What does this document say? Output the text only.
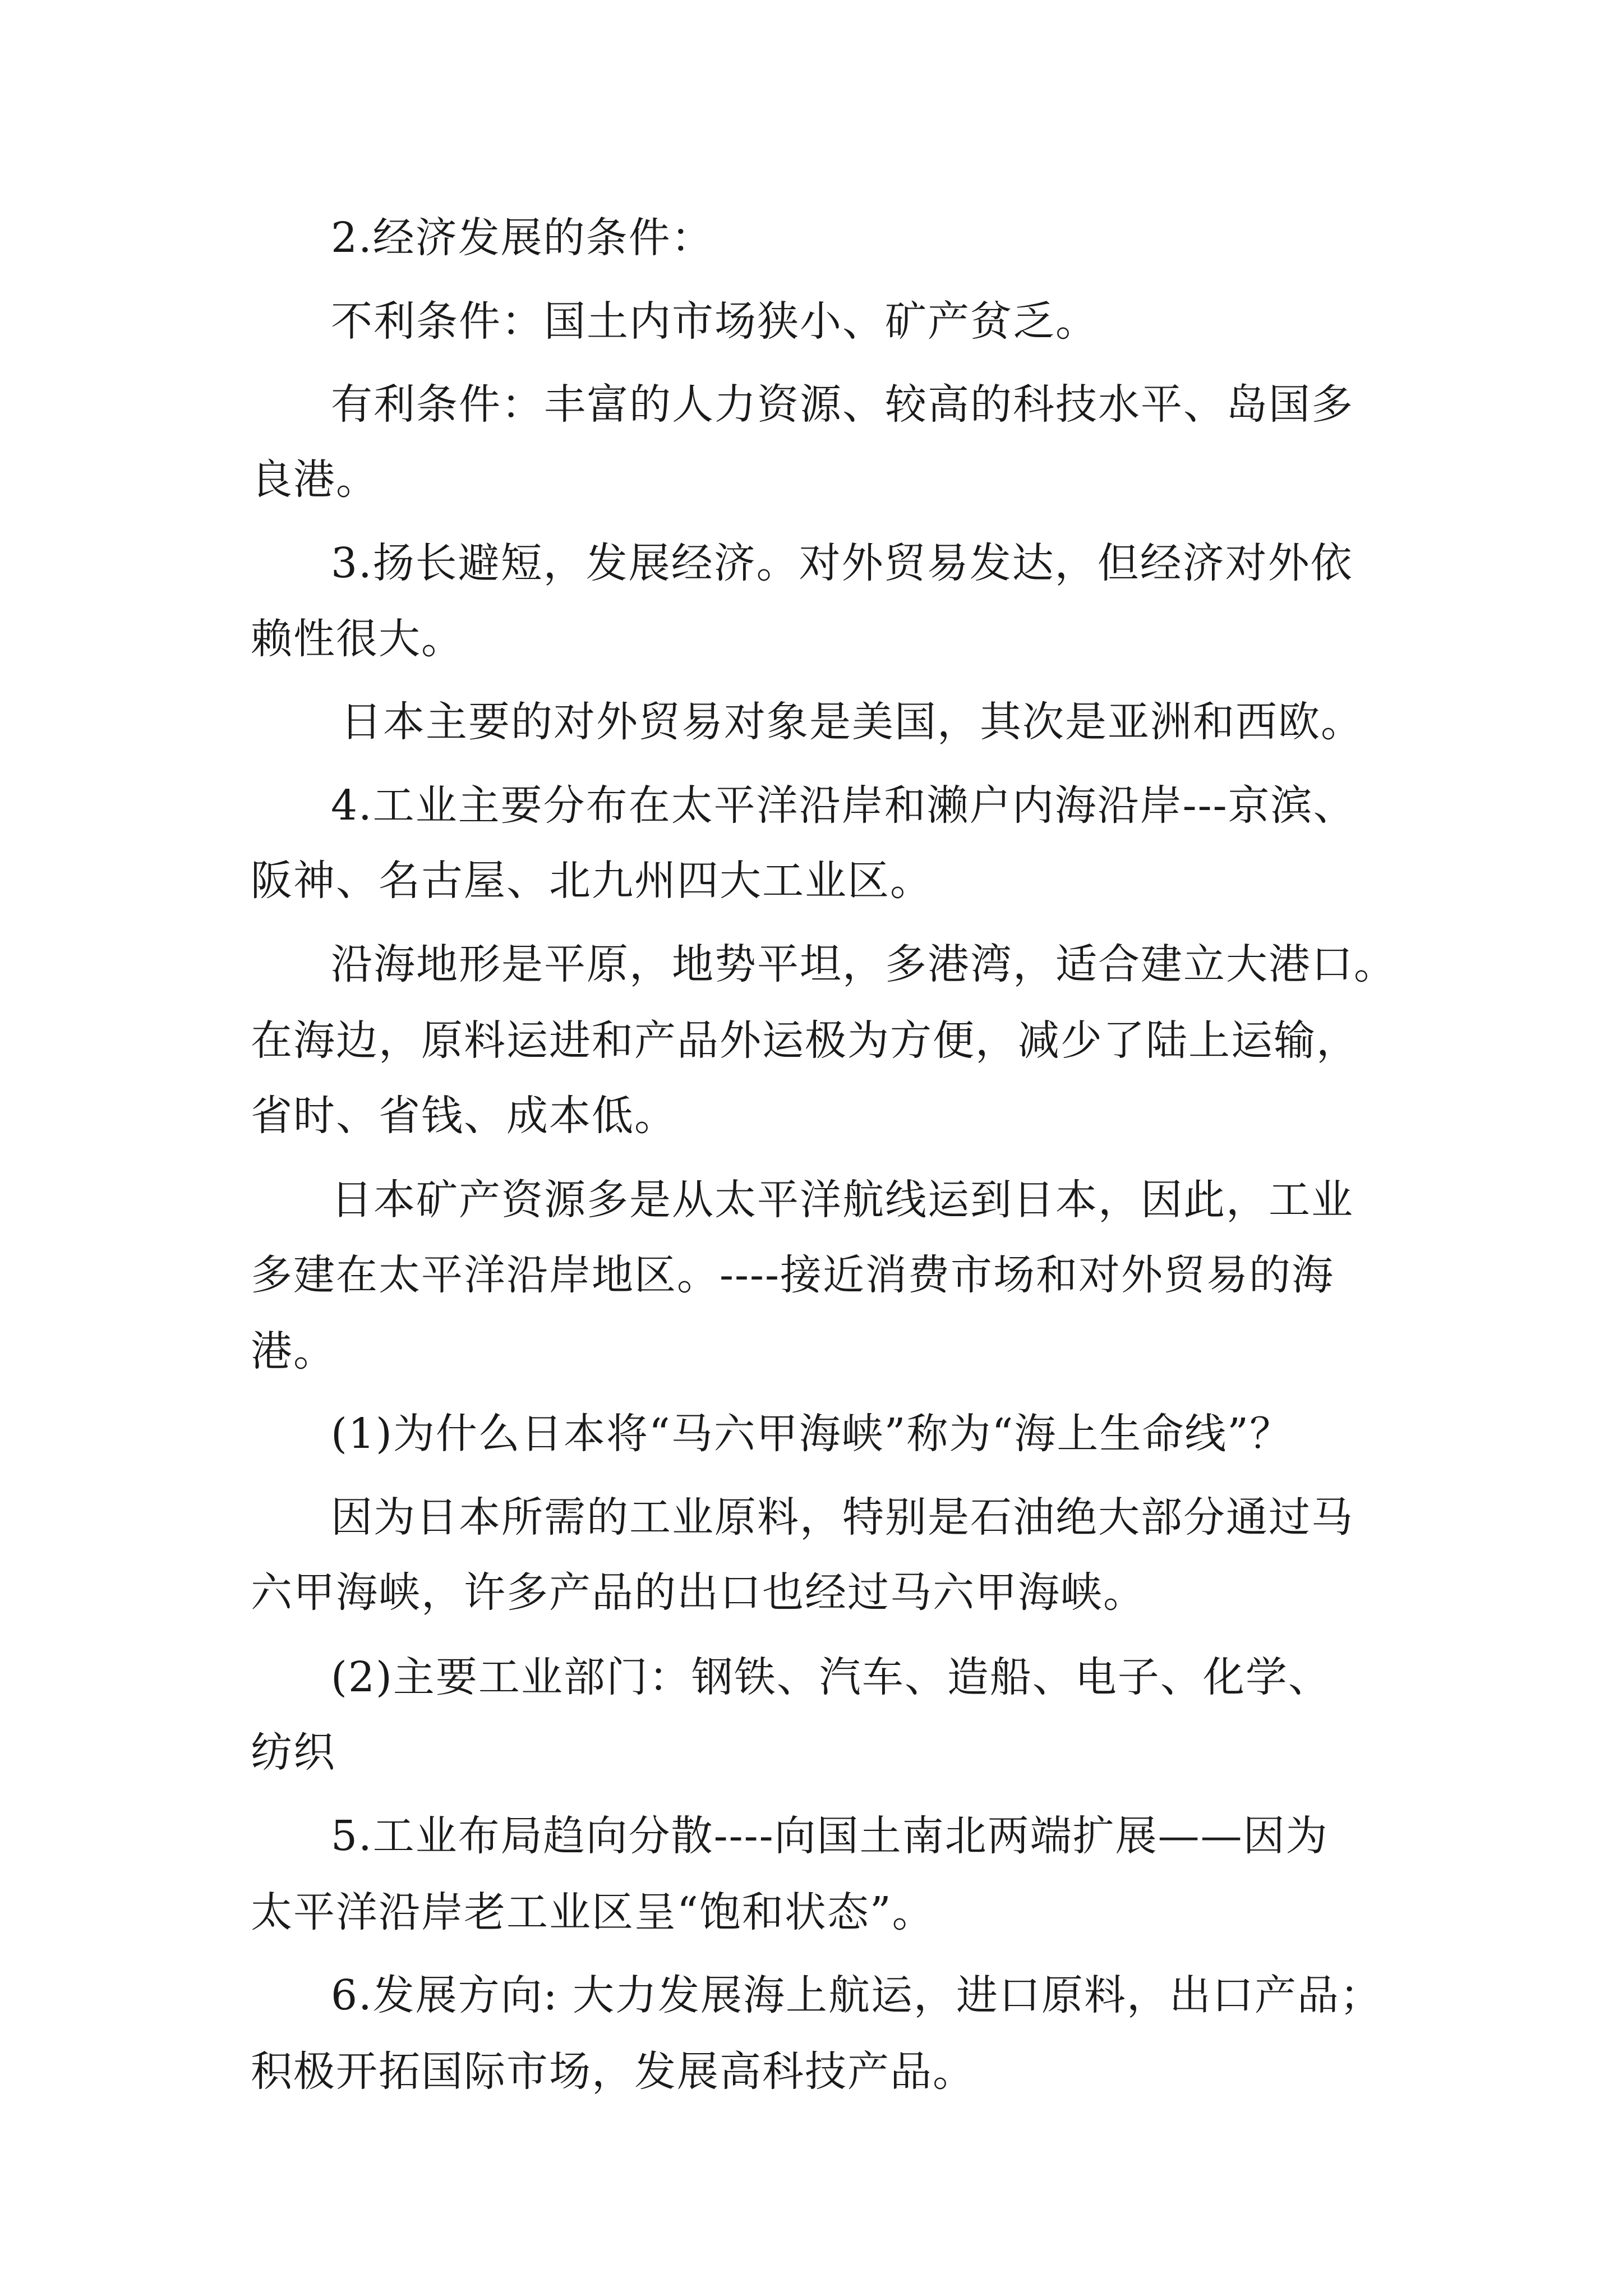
2.经济发展的条件：
不利条件：国土内市场狭小、矿产贫乏。
有利条件：丰富的人力资源、较高的科技水平、岛国多
良港。
3.扬长避短，发展经济。对外贸易发达，但经济对外依
赖性很大。
日本主要的对外贸易对象是美国，其次是亚洲和西欧。
4.工业主要分布在太平洋沿岸和濑户内海沿岸---京滨、
阪神、名古屋、北九州四大工业区。
沿海地形是平原，地势平坦，多港湾，适合建立大港口。
在海边，原料运进和产品外运极为方便，减少了陆上运输，
省时、省钱、成本低。
日本矿产资源多是从太平洋航线运到日本，因此，工业
多建在太平洋沿岸地区。----接近消费市场和对外贸易的海
港。
(1)为什么日本将“马六甲海峡”称为“海上生命线”？
因为日本所需的工业原料，特别是石油绝大部分通过马
六甲海峡，许多产品的出口也经过马六甲海峡。
(2)主要工业部门：钢铁、汽车、造船、电子、化学、
纺织
5.工业布局趋向分散----向国土南北两端扩展——因为
太平洋沿岸老工业区呈“饱和状态”。
6.发展方向: 大力发展海上航运，进口原料，出口产品；
积极开拓国际市场，发展高科技产品。
